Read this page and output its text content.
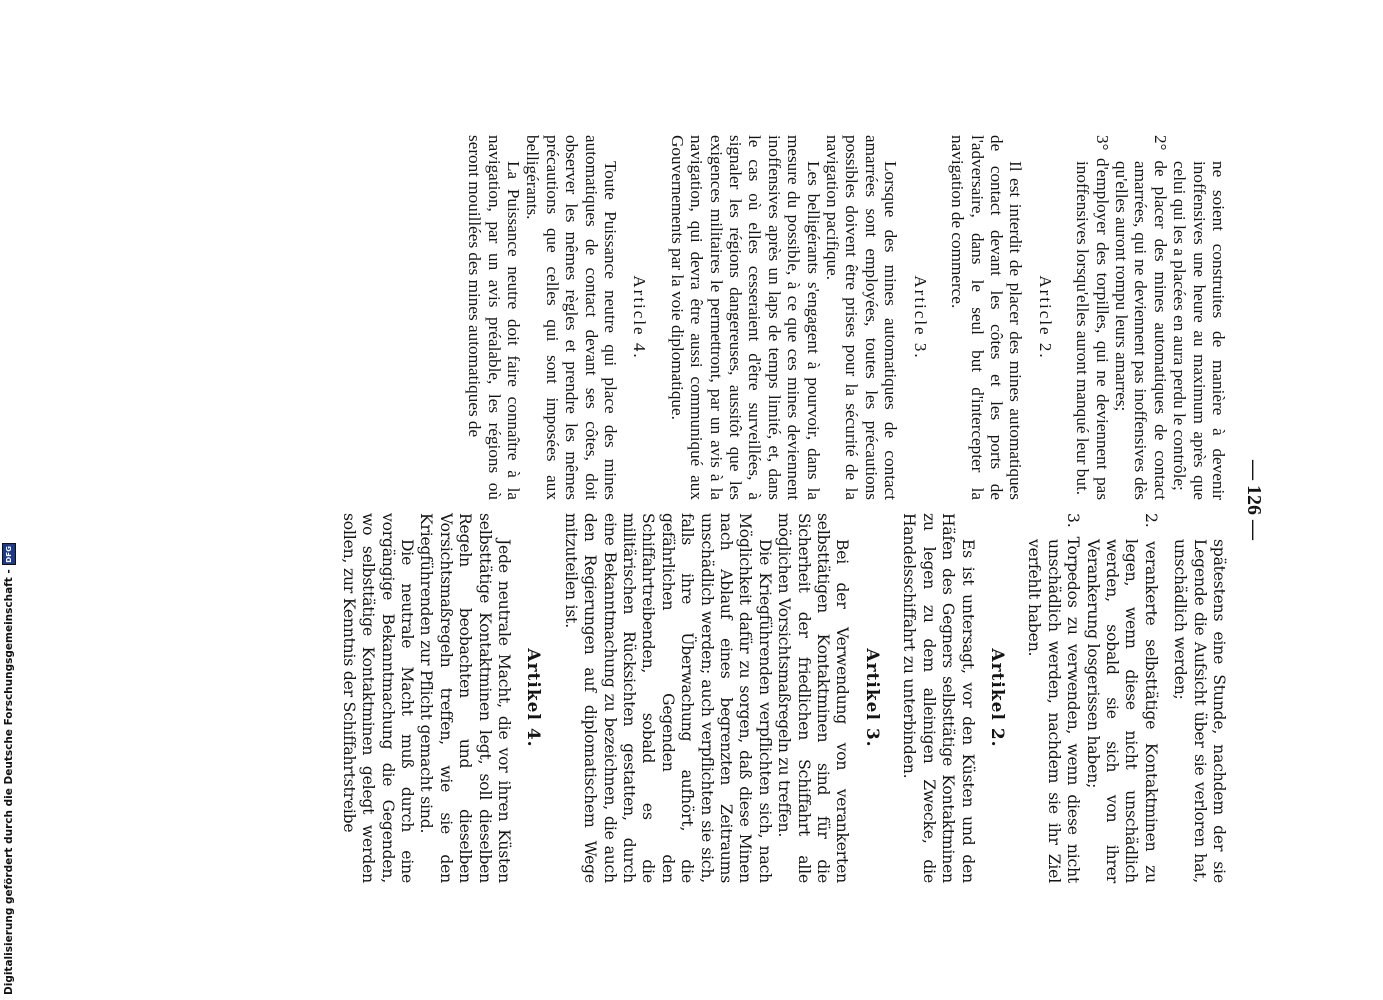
— 126 —

ne soient construites de manière à devenir inoffensives une heure au maximum après que celui qui les a placées en aura perdu le contrôle;

2° de placer des mines automatiques de contact amarrées, qui ne deviennent pas inoffensives dès qu'elles auront rompu leurs amarres;

3° d'employer des torpilles, qui ne deviennent pas inoffensives lorsqu'elles auront manqué leur but.

Article 2.

Il est interdit de placer des mines automatiques de contact devant les côtes et les ports de l'adversaire, dans le seul but d'intercepter la navigation de commerce.

Article 3.

Lorsque des mines automatiques de contact amarrées sont employées, toutes les précautions possibles doivent être prises pour la sécurité de la navigation pacifique.

Les belligérants s'engagent à pourvoir, dans la mesure du possible, à ce que ces mines deviennent inoffensives après un laps de temps limité, et, dans le cas où elles cesseraient d'être surveillées, à signaler les régions dangereuses, aussitôt que les exigences militaires le permettront, par un avis à la navigation, qui devra être aussi communiqué aux Gouvernements par la voie diplomatique.

Article 4.

Toute Puissance neutre qui place des mines automatiques de contact devant ses côtes, doit observer les mêmes règles et prendre les mêmes précautions que celles qui sont imposées aux belligérants.

La Puissance neutre doit faire connaître à la navigation, par un avis préalable, les régions où seront mouillées des mines automatiques de

spätestens eine Stunde, nachdem der sie Legende die Aufsicht über sie verloren hat, unschädlich werden;

2. verankerte selbsttätige Kontaktminen zu legen, wenn diese nicht unschädlich werden, sobald sie sich von ihrer Verankerung losgerissen haben;

3. Torpedos zu verwenden, wenn diese nicht unschädlich werden, nachdem sie ihr Ziel verfehlt haben.

Artikel 2.

Es ist untersagt, vor den Küsten und den Häfen des Gegners selbsttätige Kontaktminen zu legen zu dem alleinigen Zwecke, die Handelsschiffahrt zu unterbinden.

Artikel 3.

Bei der Verwendung von verankerten selbsttätigen Kontaktminen sind für die Sicherheit der friedlichen Schiffahrt alle möglichen Vorsichtsmaßregeln zu treffen.

Die Kriegführenden verpflichten sich, nach Möglichkeit dafür zu sorgen, daß diese Minen nach Ablauf eines begrenzten Zeitraums unschädlich werden; auch verpflichten sie sich, falls ihre Überwachung aufhört, die gefährlichen Gegenden den Schiffahrtreibenden, sobald es die militärischen Rücksichten gestatten, durch eine Bekanntmachung zu bezeichnen, die auch den Regierungen auf diplomatischem Wege mitzuteilen ist.

Artikel 4.

Jede neutrale Macht, die vor ihren Küsten selbsttätige Kontaktminen legt, soll dieselben Regeln beobachten und dieselben Vorsichtsmaßregeln treffen, wie sie den Kriegführenden zur Pflicht gemacht sind.

Die neutrale Macht muß durch eine vorgängige Bekanntmachung die Gegenden, wo selbsttätige Kontaktminen gelegt werden sollen, zur Kenntnis der Schiffahrtstreibe

Digitalisierung gefördert durch die Deutsche Forschungsgemeinschaft -
DFG
